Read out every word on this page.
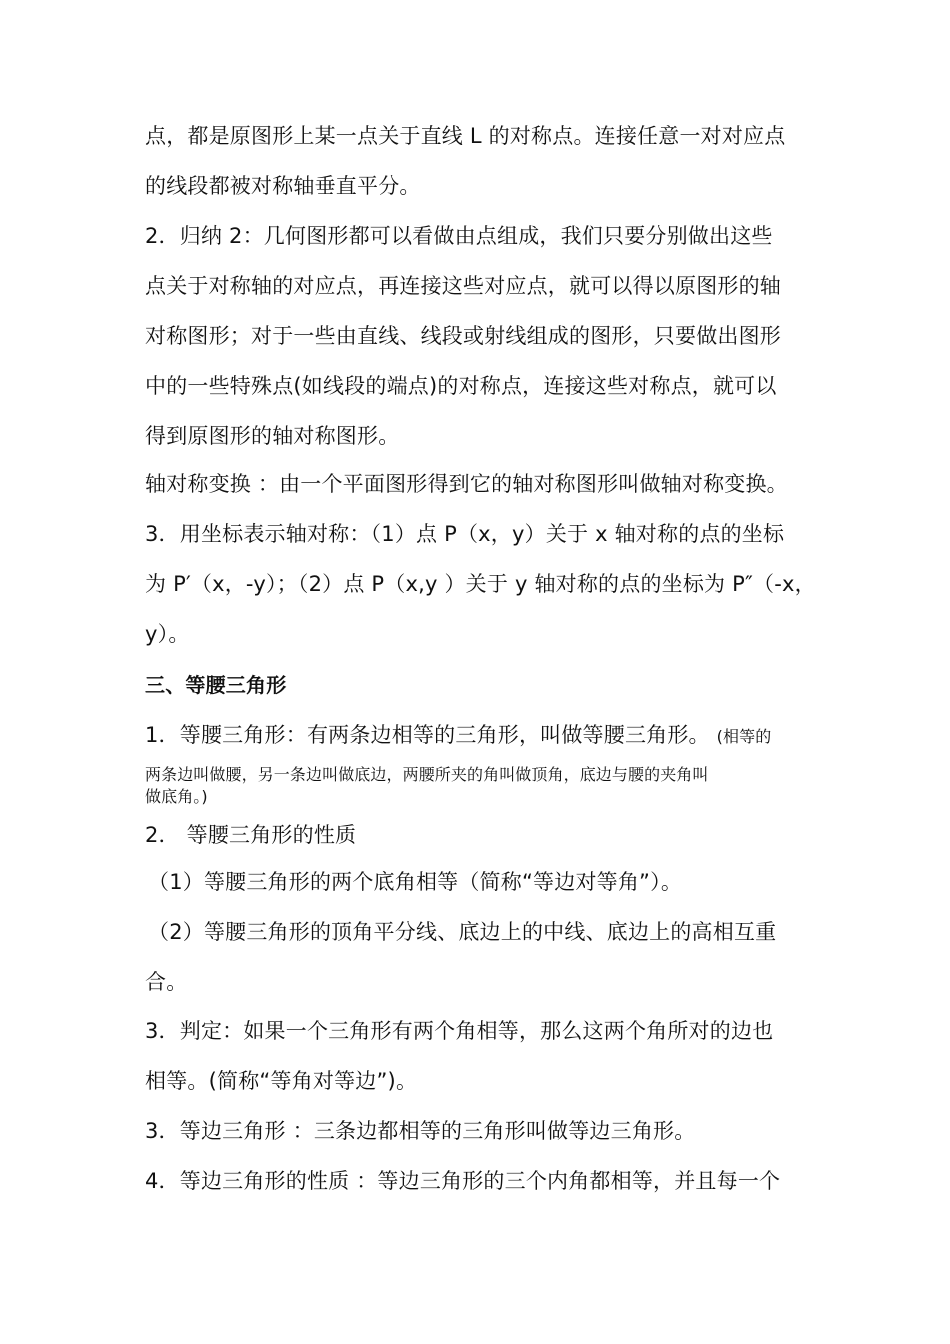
点，都是原图形上某一点关于直线 L 的对称点。连接任意一对对应点
的线段都被对称轴垂直平分。
2．归纳 2：几何图形都可以看做由点组成，我们只要分别做出这些
点关于对称轴的对应点，再连接这些对应点，就可以得以原图形的轴
对称图形；对于一些由直线、线段或射线组成的图形，只要做出图形
中的一些特殊点(如线段的端点)的对称点，连接这些对称点，就可以
得到原图形的轴对称图形。
轴对称变换 ：由一个平面图形得到它的轴对称图形叫做轴对称变换。
3．用坐标表示轴对称：（1）点 P（x，y）关于 x 轴对称的点的坐标
为 P′（x，-y）；（2）点 P（x,y ）关于 y 轴对称的点的坐标为 P″（-x，
y）。
三、等腰三角形
1．等腰三角形：有两条边相等的三角形，叫做等腰三角形。 (相等的
两条边叫做腰，另一条边叫做底边，两腰所夹的角叫做顶角，底边与腰的夹角叫
做底角。)
2． 等腰三角形的性质
（1）等腰三角形的两个底角相等（简称“等边对等角”）。
（2）等腰三角形的顶角平分线、底边上的中线、底边上的高相互重
合。
3．判定：如果一个三角形有两个角相等，那么这两个角所对的边也
相等。(简称“等角对等边”)。
3．等边三角形 ：三条边都相等的三角形叫做等边三角形。
4．等边三角形的性质 ：等边三角形的三个内角都相等，并且每一个
